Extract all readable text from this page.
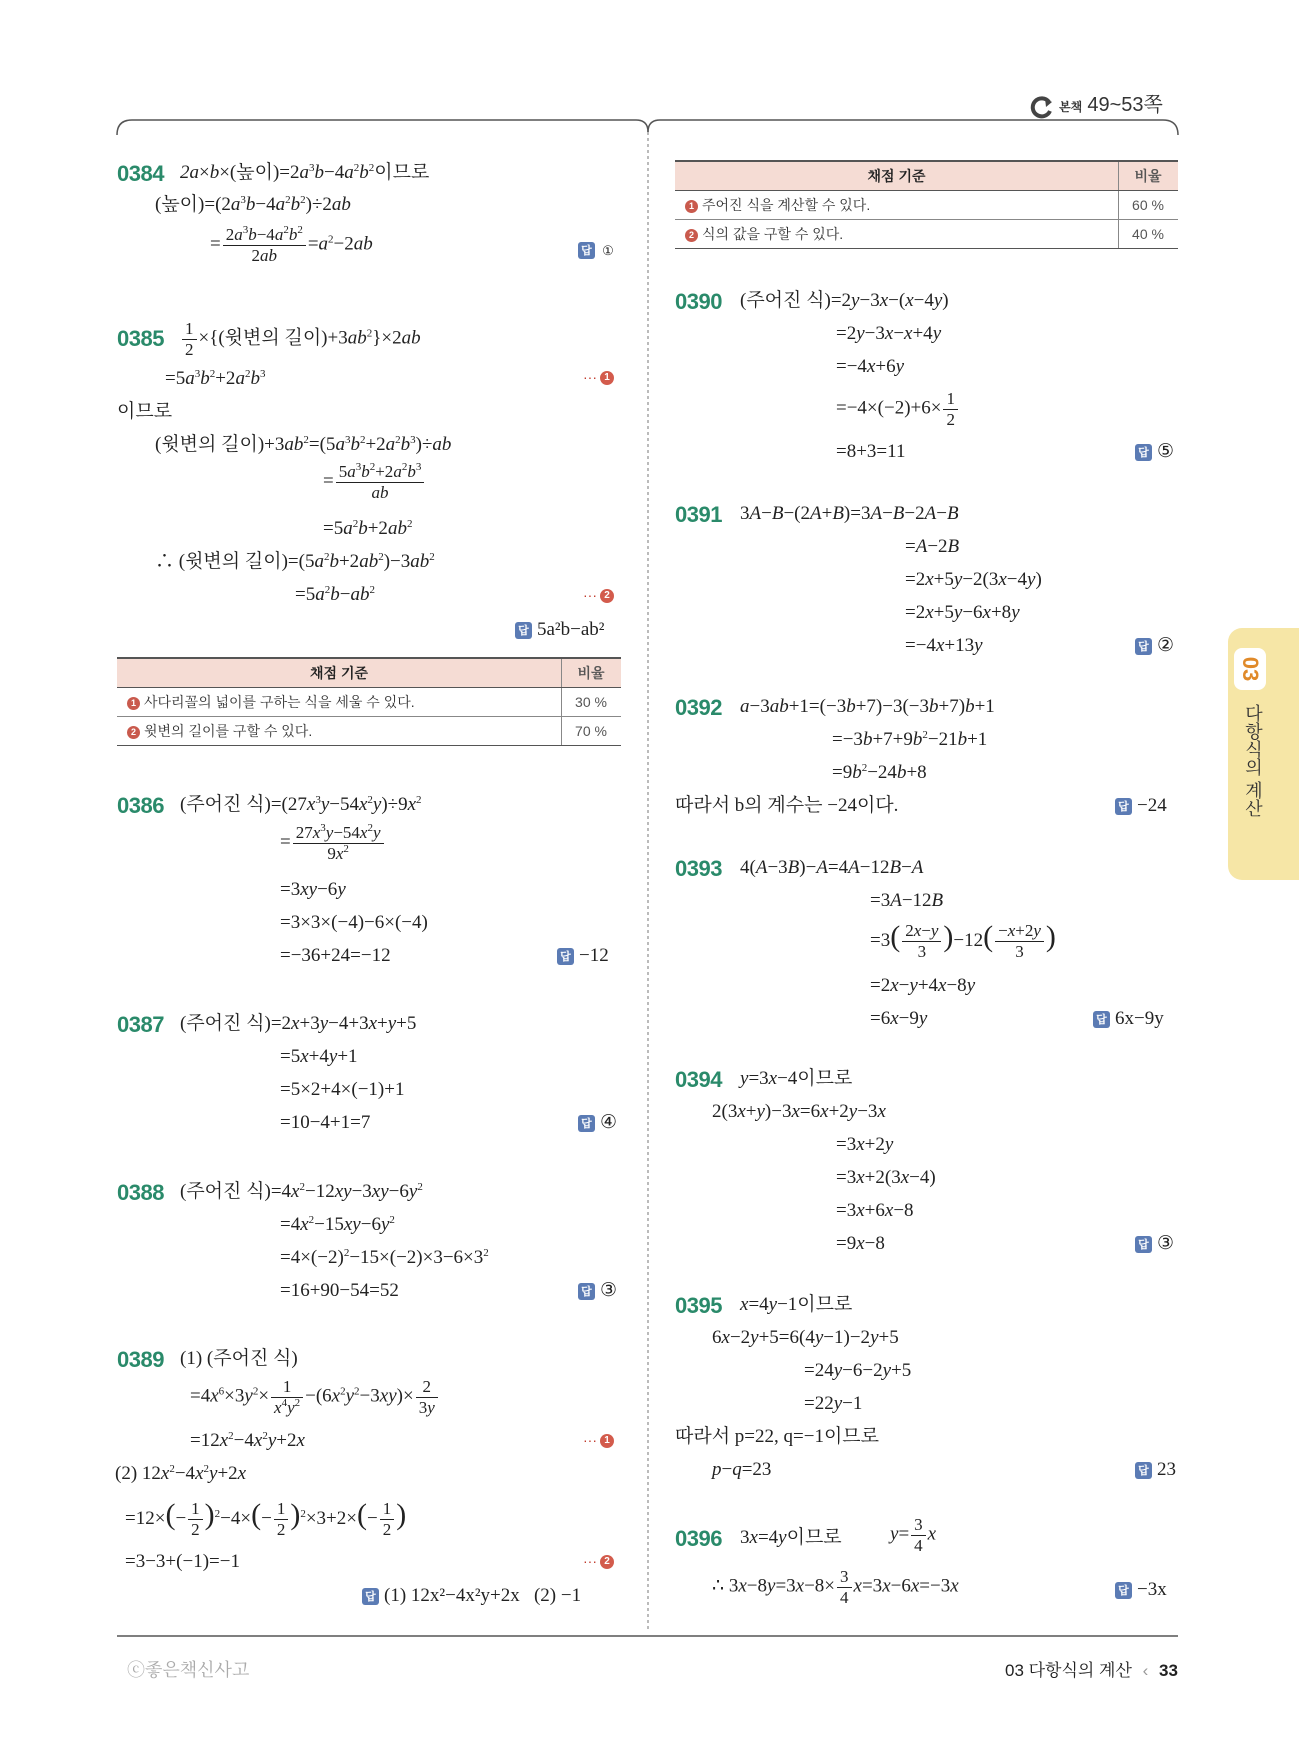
본책 49~53쪽
03
다항식의 계산
0384 2a×b×(높이)$=2a^3b-4a^2b^2$이므로
(높이)$=(2a^3b-4a^2b^2)\div 2ab$
= $\frac{2a^3b-4a^2b^2}{2ab} =a^2-2ab$	답 ①
$0385 \frac{1}{2}$ ×{(윗변의 길이)$+3ab^2\}\times 2ab$
$=5a^3b^2+2a^2b^3$	··· 1
이므로
(윗변의 길이)$+3ab^2=(5a^3b^2+2a^2b^3)\div ab$
= $\frac{5a^3b^2+2a^2b^3}{ab}$
$=5a^2b+2ab^2$
∴ (윗변의 길이)$=(5a^2b+2ab^2)-3ab^2$
$=5a^2b-ab^2$	··· 2
답 5a²b−ab²
채점 기준	비율
1 사다리꼴의 넓이를 구하는 식을 세울 수 있다.	30 %
2 윗변의 길이를 구할 수 있다.	70 %
0386 (주어진 식)$=(27x^3y-54x^2y)\div 9x^2$
= $\frac{27x^3y-54x^2y}{9x^2}$
=3xy−6y
=3×3×(−4)−6×(−4)
=−36+24=−12	답 −12
0387 (주어진 식)=2x+3y−4+3x+y+5
=5x+4y+1
=5×2+4×(−1)+1
=10−4+1=7	답 ④
0388 (주어진 식)$=4x^2-12xy-3xy-6y^2$
$=4x^2-15xy-6y^2$
$=4\times(-2)^2-15\times(-2)\times 3-6\times 3^2$
=16+90−54=52	답 ③
0389 (1) (주어진 식)
$=4x^6\times 3y^2\times \frac{1}{x^4y^2} -(6x^2y^2-3xy)\times \frac{2}{3y}$
$=12x^2-4x^2y+2x$	··· 1
(2) $12x^2-4x^2y+2x$
$=12\times(- \frac{1}{2} )^2-4\times(- \frac{1}{2} )^2\times 3+2\times(- \frac{1}{2}$ )
=3−3+(−1)=−1	··· 2
답 (1) 12x²−4x²y+2x   (2) −1
채점 기준	비율
1 주어진 식을 계산할 수 있다.	60 %
2 식의 값을 구할 수 있다.	40 %
0390 (주어진 식)=2y−3x−(x−4y)
=2y−3x−x+4y
=−4x+6y
$=-4\times(-2)+6\times \frac{1}{2}$
=8+3=11	답 ⑤
0391 3A−B−(2A+B)=3A−B−2A−B
=A−2B
=2x+5y−2(3x−4y)
=2x+5y−6x+8y
=−4x+13y	답 ②
0392 a−3ab+1=(−3b+7)−3(−3b+7)b+1
$=-3b+7+9b^2-21b+1$
$=9b^2-24b+8$
따라서 b의 계수는 −24이다.	답 −24
0393 4(A−3B)−A=4A−12B−A
=3A−12B
$=3( \frac{2x-y}{3} )-12( \frac{-x+2y}{3}$ )
=2x−y+4x−8y
=6x−9y	답 6x−9y
0394 y=3x−4이므로
2(3x+y)−3x=6x+2y−3x
=3x+2y
=3x+2(3x−4)
=3x+6x−8
=9x−8	답 ③
0395 x=4y−1이므로
6x−2y+5=6(4y−1)−2y+5
=24y−6−2y+5
=22y−1
따라서 p=22, q=−1이므로
p−q=23	답 23
0396 3x=4y이므로	$y= \frac{3}{4}$ x
∴ $3x-8y=3x-8\times \frac{3}{4} x=3x-6x=-3x$	답 −3x
ⓒ좋은책신사고	03 다항식의 계산 ‹ 33
